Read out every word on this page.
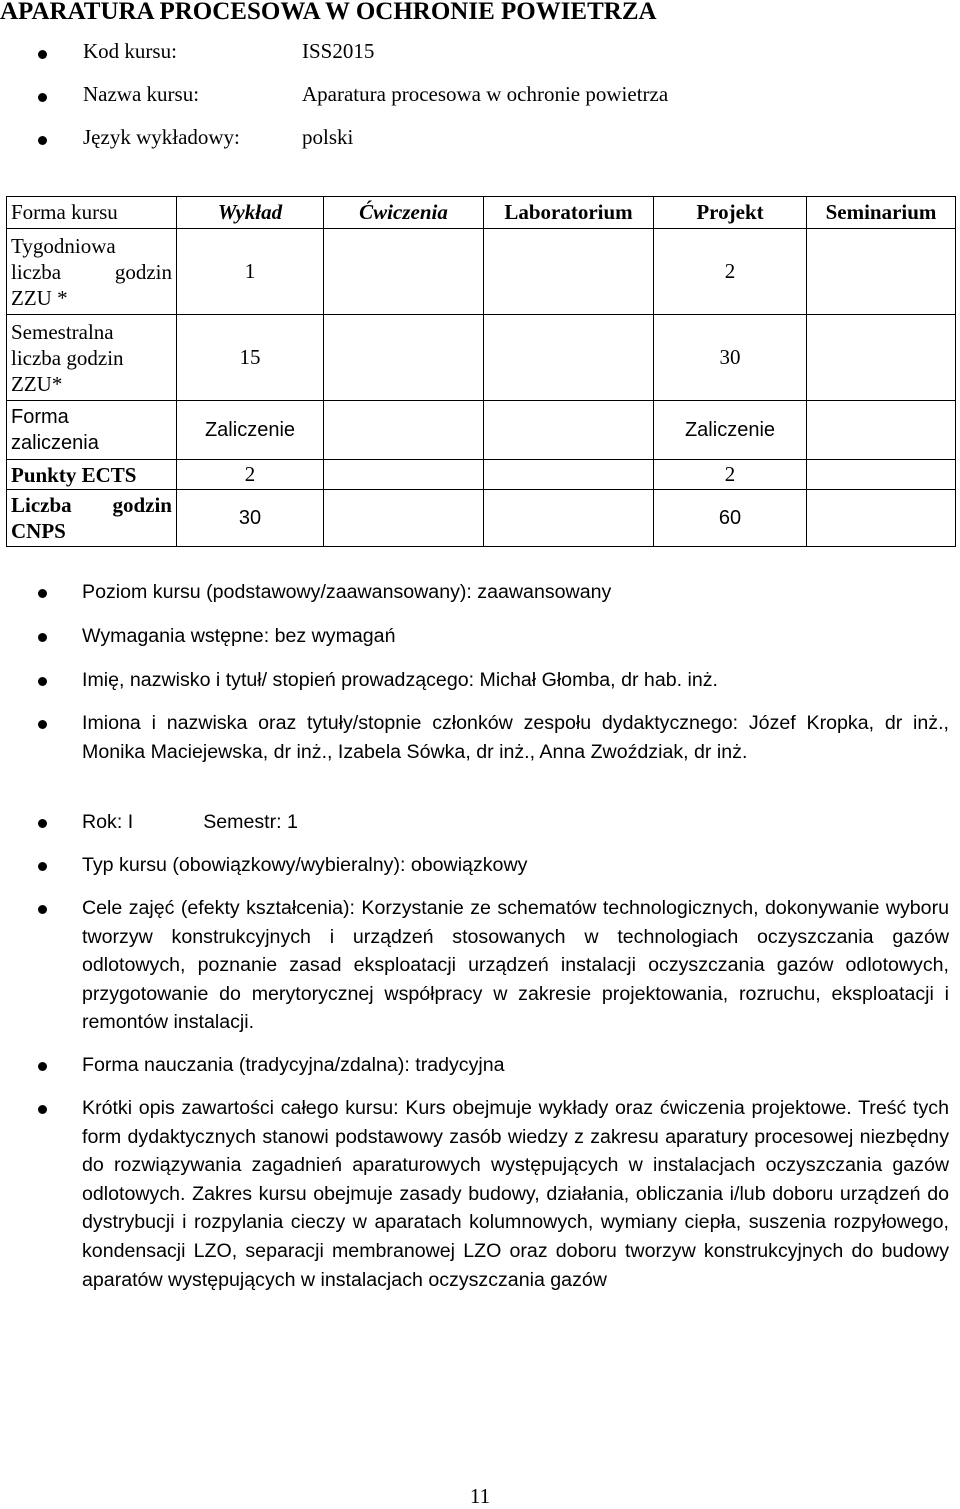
APARATURA PROCESOWA W OCHRONIE POWIETRZA
Kod kursu:	ISS2015
Nazwa kursu:	Aparatura procesowa w ochronie powietrza
Język wykładowy:	polski
Forma kursu	Wykład	Ćwiczenia	Laboratorium	Projekt	Seminarium
Tygodniowa

liczba godzin
ZZU *	1			2	
Semestralna
liczba godzin
ZZU*	15			30	
Forma
zaliczenia	Zaliczenie			Zaliczenie	
Punkty ECTS	2			2	

Liczba godzin
CNPS	30			60	
Poziom kursu (podstawowy/zaawansowany): zaawansowany
Wymagania wstępne: bez wymagań
Imię, nazwisko i tytuł/ stopień prowadzącego: Michał Głomba, dr hab. inż.
Imiona i nazwiska oraz tytuły/stopnie członków zespołu dydaktycznego: Józef Kropka, dr inż., Monika Maciejewska, dr inż., Izabela Sówka, dr inż., Anna Zwoździak, dr inż.
Rok: I	Semestr: 1
Typ kursu (obowiązkowy/wybieralny): obowiązkowy
Cele zajęć (efekty kształcenia): Korzystanie ze schematów technologicznych, dokonywanie wyboru tworzyw konstrukcyjnych i urządzeń stosowanych w technologiach oczyszczania gazów odlotowych, poznanie zasad eksploatacji urządzeń instalacji oczyszczania gazów odlotowych, przygotowanie do merytorycznej współpracy w zakresie projektowania, rozruchu, eksploatacji i remontów instalacji.
Forma nauczania (tradycyjna/zdalna): tradycyjna
Krótki opis zawartości całego kursu: Kurs obejmuje wykłady oraz ćwiczenia projektowe. Treść tych form dydaktycznych stanowi podstawowy zasób wiedzy z zakresu aparatury procesowej niezbędny do rozwiązywania zagadnień aparaturowych występujących w instalacjach oczyszczania gazów odlotowych. Zakres kursu obejmuje zasady budowy, działania, obliczania i/lub doboru urządzeń do dystrybucji i rozpylania cieczy w aparatach kolumnowych, wymiany ciepła, suszenia rozpyłowego, kondensacji LZO, separacji membranowej LZO oraz doboru tworzyw konstrukcyjnych do budowy aparatów występujących w instalacjach oczyszczania gazów
11
